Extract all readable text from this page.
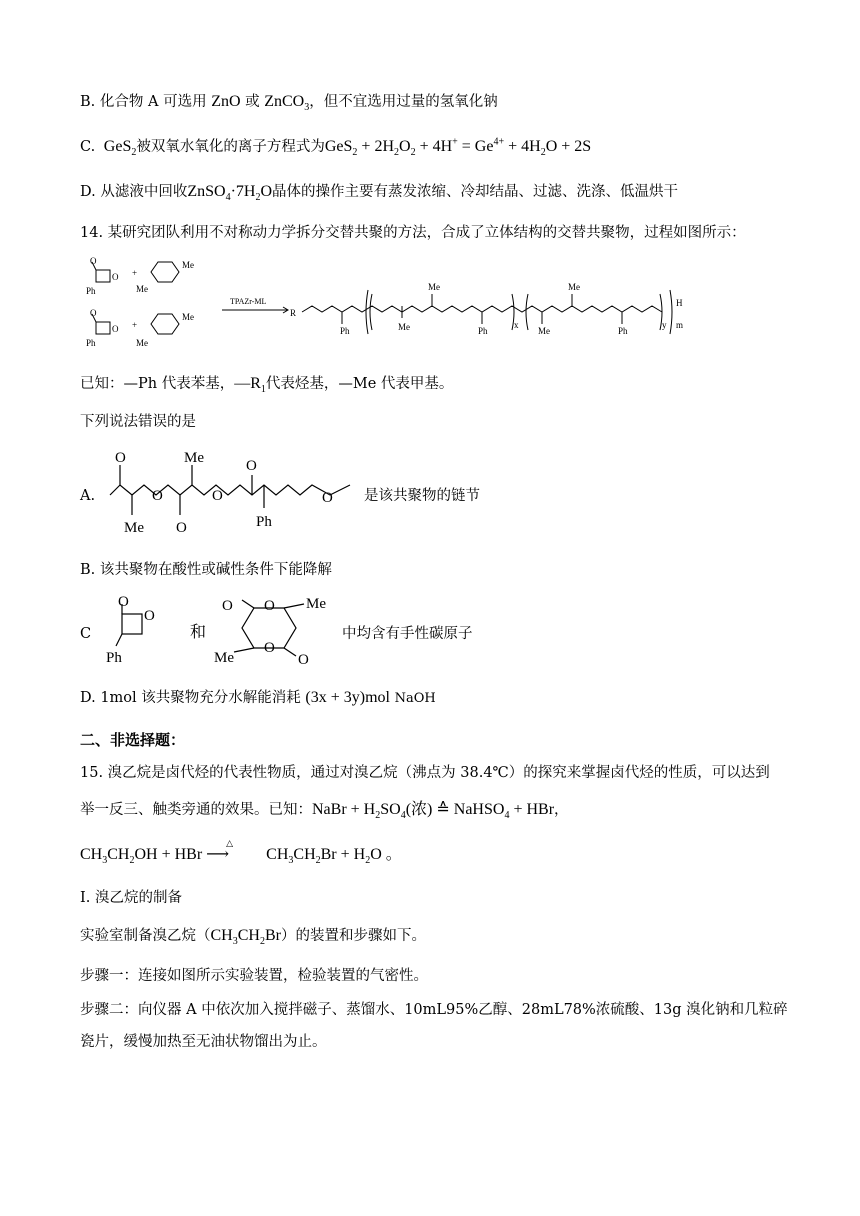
B. 化合物 A 可选用 ZnO 或 ZnCO$_3$，但不宜选用过量的氢氧化钠
C.  GeS$_2$被双氧水氧化的离子方程式为$GeS_2 + 2H_2O_2 + 4H^+ = Ge^{4+} + 4H_2O + 2S$
D. 从滤液中回收$ZnSO_4\cdot 7H_2O$晶体的操作主要有蒸发浓缩、冷却结晶、过滤、洗涤、低温烘干
14. 某研究团队利用不对称动力学拆分交替共聚的方法，合成了立体结构的交替共聚物，过程如图所示：
O
O
Ph
+
Me
Me
O
O
Ph
+
Me
Me
TPAZr-ML
R
Ph	Me
Me
Ph
x
Me
Me
Ph
y
H
m
已知：—Ph 代表苯基，$—R_1$代表烃基，—Me 代表甲基。
下列说法错误的是
A.
O
Me
O
Me
O
O
O
Ph
O 是该共聚物的链节
B. 该共聚物在酸性或碱性条件下能降解
C
O
O
Ph
和
O O
O
O
Me
Me
中均含有手性碳原子
D. 1mol 该共聚物充分水解能消耗 (3x + 3y)mol NaOH
二、非选择题：
15. 溴乙烷是卤代烃的代表性物质，通过对溴乙烷（沸点为 38.4℃）的探究来掌握卤代烃的性质，可以达到
举一反三、触类旁通的效果。已知：NaBr + $H_2SO_4$(浓) ≙ NaHSO$_4$ + HBr，
$CH_3CH_2OH$ + HBr
△
⟶ $CH_3CH_2Br + H_2O$ 。
I. 溴乙烷的制备
实验室制备溴乙烷$(CH_3CH_2Br)$的装置和步骤如下。
步骤一：连接如图所示实验装置，检验装置的气密性。
步骤二：向仪器 A 中依次加入搅拌磁子、蒸馏水、10mL95%乙醇、28mL78%浓硫酸、13g 溴化钠和几粒碎
瓷片，缓慢加热至无油状物馏出为止。
